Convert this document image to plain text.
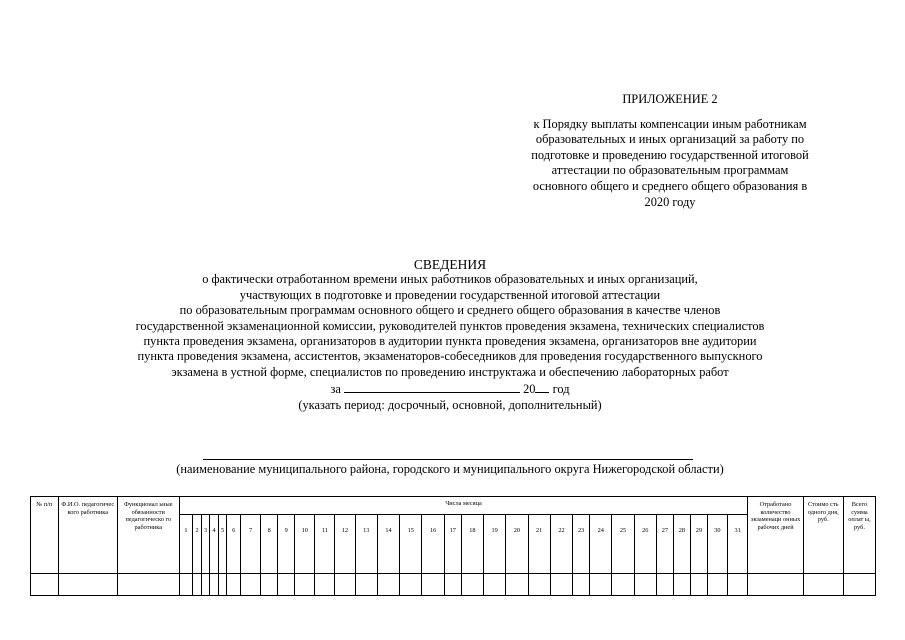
ПРИЛОЖЕНИЕ 2
к Порядку выплаты компенсации иным работникам
образовательных и иных организаций за работу по
подготовке и проведению государственной итоговой
аттестации по образовательным программам
основного общего и среднего общего образования в
2020 году
СВЕДЕНИЯ
о фактически отработанном времени иных работников образовательных и иных организаций,
участвующих в подготовке и проведении государственной итоговой аттестации
по образовательным программам основного общего и среднего общего образования в качестве членов
государственной экзаменационной комиссии, руководителей пунктов проведения экзамена, технических специалистов
пункта проведения экзамена, организаторов в аудитории пункта проведения экзамена, организаторов вне аудитории
пункта проведения экзамена, ассистентов, экзаменаторов-собеседников для проведения государственного выпускного
экзамена в устной форме, специалистов по проведению инструктажа и обеспечению лабораторных работ
за	20 год
(указать период: досрочный, основной, дополнительный)
(наименование муниципального района, городского и муниципального округа Нижегородской области)
№ п/п	Ф.И.О. педагогичес кого работника	Функционал ьные обязанности педагогическо го работника	Числа месяца																															Отработано количество экзаменаци онных рабочих дней	Стоимо сть одного дня, руб.	Всего сумма оплат ы, руб.
			1	2	3	4	5	6	7	8	9	10	11	12	13	14	15	16	17	18	19	20	21	22	23	24	25	26	27	28	29	30	31			
